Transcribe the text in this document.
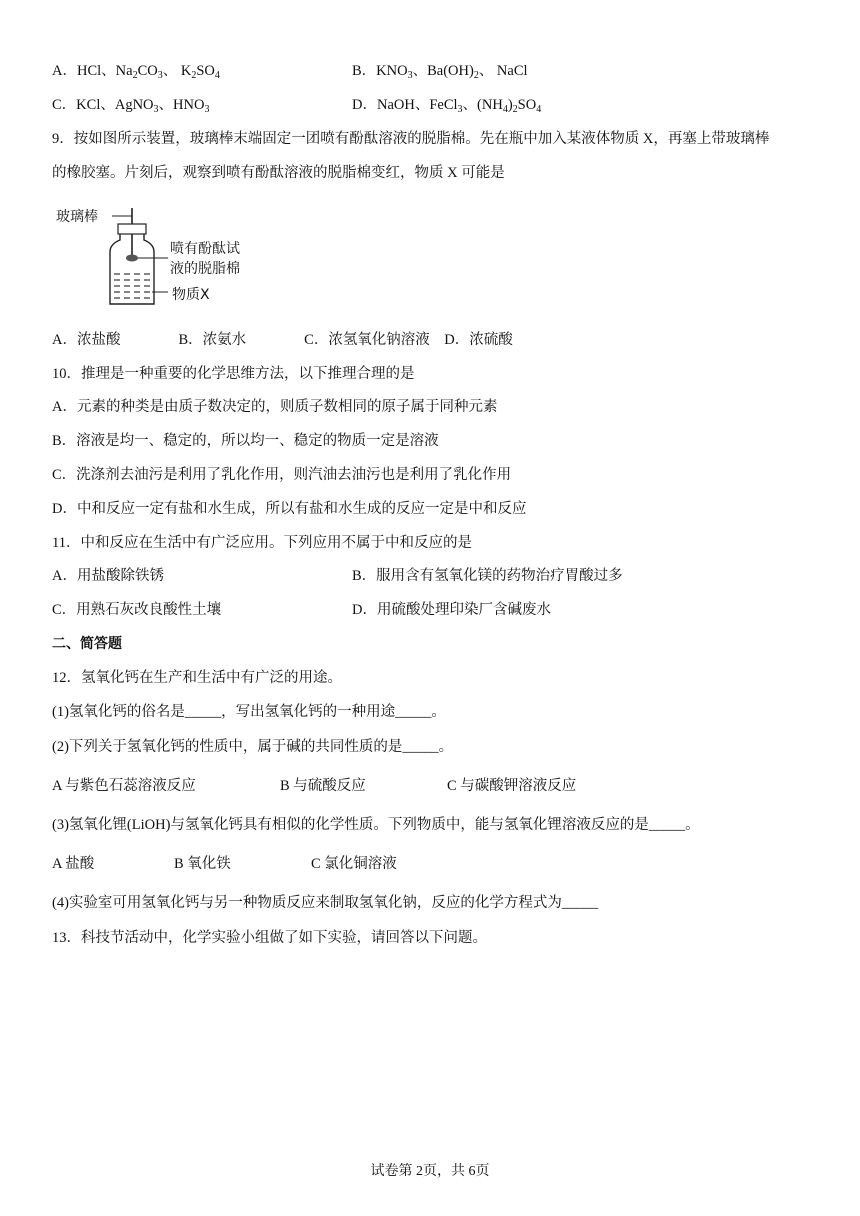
A．HCl、$Na_2CO_3$、 $K_2SO_4$	B．$KNO_3$、$Ba(OH)_2$、 NaCl
C．KCl、AgNO$_3$、$HNO_3$	D．NaOH、FeCl$_3$、$(NH_4)_2SO_4$
9．按如图所示装置，玻璃棒末端固定一团喷有酚酞溶液的脱脂棉。先在瓶中加入某液体物质 X，再塞上带玻璃棒
的橡胶塞。片刻后，观察到喷有酚酞溶液的脱脂棉变红，物质 X 可能是
玻璃棒
喷有酚酞试
液的脱脂棉
物质X
A．浓盐酸　　　　B．浓氨水　　　　C．浓氢氧化钠溶液　D．浓硫酸
10．推理是一种重要的化学思维方法，以下推理合理的是
A．元素的种类是由质子数决定的，则质子数相同的原子属于同种元素
B．溶液是均一、稳定的，所以均一、稳定的物质一定是溶液
C．洗涤剂去油污是利用了乳化作用，则汽油去油污也是利用了乳化作用
D．中和反应一定有盐和水生成，所以有盐和水生成的反应一定是中和反应
11．中和反应在生活中有广泛应用。下列应用不属于中和反应的是
A．用盐酸除铁锈	B．服用含有氢氧化镁的药物治疗胃酸过多
C．用熟石灰改良酸性土壤	D．用硫酸处理印染厂含碱废水
二、简答题
12．氢氧化钙在生产和生活中有广泛的用途。
(1)氢氧化钙的俗名是_____，写出氢氧化钙的一种用途_____。
(2)下列关于氢氧化钙的性质中，属于碱的共同性质的是_____。
A 与紫色石蕊溶液反应	B 与硫酸反应	C 与碳酸钾溶液反应
(3)氢氧化锂(LiOH)与氢氧化钙具有相似的化学性质。下列物质中，能与氢氧化锂溶液反应的是_____。
A 盐酸	B 氧化铁	C 氯化铜溶液
(4)实验室可用氢氧化钙与另一种物质反应来制取氢氧化钠，反应的化学方程式为_____
13．科技节活动中，化学实验小组做了如下实验，请回答以下问题。
试卷第 2页，共 6页
